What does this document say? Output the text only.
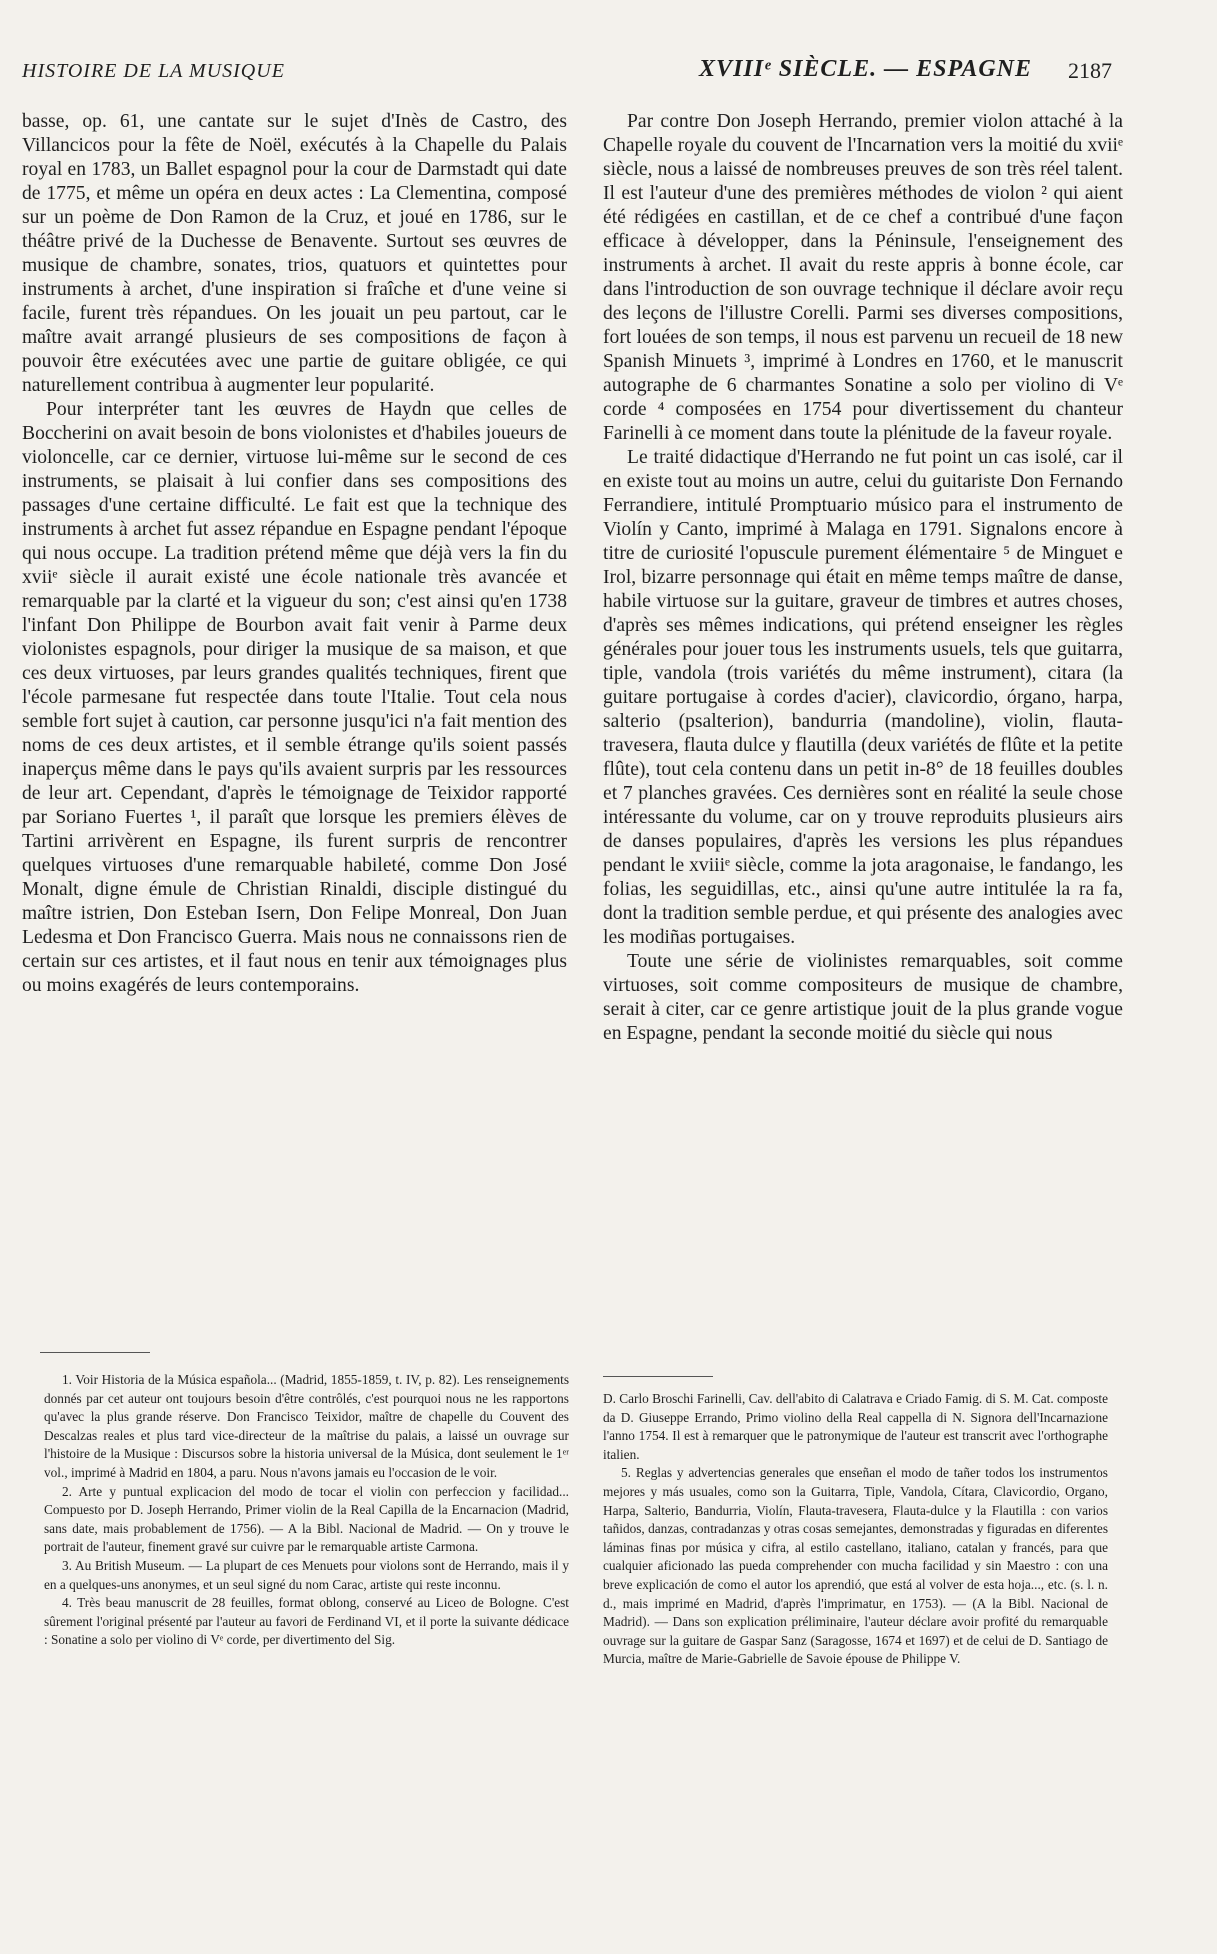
HISTOIRE DE LA MUSIQUE	XVIIIᵉ SIÈCLE. — ESPAGNE 2187

basse, op. 61, une cantate sur le sujet d'Inès de Castro, des Villancicos pour la fête de Noël, exécutés à la Chapelle du Palais royal en 1783, un Ballet espagnol pour la cour de Darmstadt qui date de 1775, et même un opéra en deux actes : La Clementina, composé sur un poème de Don Ramon de la Cruz, et joué en 1786, sur le théâtre privé de la Duchesse de Benavente. Surtout ses œuvres de musique de chambre, sonates, trios, quatuors et quintettes pour instruments à archet, d'une inspiration si fraîche et d'une veine si facile, furent très répandues. On les jouait un peu partout, car le maître avait arrangé plusieurs de ses compositions de façon à pouvoir être exécutées avec une partie de guitare obligée, ce qui naturellement contribua à augmenter leur popularité.

Pour interpréter tant les œuvres de Haydn que celles de Boccherini on avait besoin de bons violonistes et d'habiles joueurs de violoncelle, car ce dernier, virtuose lui-même sur le second de ces instruments, se plaisait à lui confier dans ses compositions des passages d'une certaine difficulté. Le fait est que la technique des instruments à archet fut assez répandue en Espagne pendant l'époque qui nous occupe. La tradition prétend même que déjà vers la fin du xviiᵉ siècle il aurait existé une école nationale très avancée et remarquable par la clarté et la vigueur du son; c'est ainsi qu'en 1738 l'infant Don Philippe de Bourbon avait fait venir à Parme deux violonistes espagnols, pour diriger la musique de sa maison, et que ces deux virtuoses, par leurs grandes qualités techniques, firent que l'école parmesane fut respectée dans toute l'Italie. Tout cela nous semble fort sujet à caution, car personne jusqu'ici n'a fait mention des noms de ces deux artistes, et il semble étrange qu'ils soient passés inaperçus même dans le pays qu'ils avaient surpris par les ressources de leur art. Cependant, d'après le témoignage de Teixidor rapporté par Soriano Fuertes ¹, il paraît que lorsque les premiers élèves de Tartini arrivèrent en Espagne, ils furent surpris de rencontrer quelques virtuoses d'une remarquable habileté, comme Don José Monalt, digne émule de Christian Rinaldi, disciple distingué du maître istrien, Don Esteban Isern, Don Felipe Monreal, Don Juan Ledesma et Don Francisco Guerra. Mais nous ne connaissons rien de certain sur ces artistes, et il faut nous en tenir aux témoignages plus ou moins exagérés de leurs contemporains.

Par contre Don Joseph Herrando, premier violon attaché à la Chapelle royale du couvent de l'Incarnation vers la moitié du xviiᵉ siècle, nous a laissé de nombreuses preuves de son très réel talent. Il est l'auteur d'une des premières méthodes de violon ² qui aient été rédigées en castillan, et de ce chef a contribué d'une façon efficace à développer, dans la Péninsule, l'enseignement des instruments à archet. Il avait du reste appris à bonne école, car dans l'introduction de son ouvrage technique il déclare avoir reçu des leçons de l'illustre Corelli. Parmi ses diverses compositions, fort louées de son temps, il nous est parvenu un recueil de 18 new Spanish Minuets ³, imprimé à Londres en 1760, et le manuscrit autographe de 6 charmantes Sonatine a solo per violino di Vᵉ corde ⁴ composées en 1754 pour divertissement du chanteur Farinelli à ce moment dans toute la plénitude de la faveur royale.

Le traité didactique d'Herrando ne fut point un cas isolé, car il en existe tout au moins un autre, celui du guitariste Don Fernando Ferrandiere, intitulé Promptuario músico para el instrumento de Violín y Canto, imprimé à Malaga en 1791. Signalons encore à titre de curiosité l'opuscule purement élémentaire ⁵ de Minguet e Irol, bizarre personnage qui était en même temps maître de danse, habile virtuose sur la guitare, graveur de timbres et autres choses, d'après ses mêmes indications, qui prétend enseigner les règles générales pour jouer tous les instruments usuels, tels que guitarra, tiple, vandola (trois variétés du même instrument), citara (la guitare portugaise à cordes d'acier), clavicordio, órgano, harpa, salterio (psalterion), bandurria (mandoline), violin, flauta-travesera, flauta dulce y flautilla (deux variétés de flûte et la petite flûte), tout cela contenu dans un petit in-8° de 18 feuilles doubles et 7 planches gravées. Ces dernières sont en réalité la seule chose intéressante du volume, car on y trouve reproduits plusieurs airs de danses populaires, d'après les versions les plus répandues pendant le xviiiᵉ siècle, comme la jota aragonaise, le fandango, les folias, les seguidillas, etc., ainsi qu'une autre intitulée la ra fa, dont la tradition semble perdue, et qui présente des analogies avec les modiñas portugaises.

Toute une série de violinistes remarquables, soit comme virtuoses, soit comme compositeurs de musique de chambre, serait à citer, car ce genre artistique jouit de la plus grande vogue en Espagne, pendant la seconde moitié du siècle qui nous

1. Voir Historia de la Música española... (Madrid, 1855-1859, t. IV, p. 82). Les renseignements donnés par cet auteur ont toujours besoin d'être contrôlés, c'est pourquoi nous ne les rapportons qu'avec la plus grande réserve. Don Francisco Teixidor, maître de chapelle du Couvent des Descalzas reales et plus tard vice-directeur de la maîtrise du palais, a laissé un ouvrage sur l'histoire de la Musique : Discursos sobre la historia universal de la Música, dont seulement le 1ᵉʳ vol., imprimé à Madrid en 1804, a paru. Nous n'avons jamais eu l'occasion de le voir.

2. Arte y puntual explicacion del modo de tocar el violin con perfeccion y facilidad... Compuesto por D. Joseph Herrando, Primer violin de la Real Capilla de la Encarnacion (Madrid, sans date, mais probablement de 1756). — A la Bibl. Nacional de Madrid. — On y trouve le portrait de l'auteur, finement gravé sur cuivre par le remarquable artiste Carmona.

3. Au British Museum. — La plupart de ces Menuets pour violons sont de Herrando, mais il y en a quelques-uns anonymes, et un seul signé du nom Carac, artiste qui reste inconnu.

4. Très beau manuscrit de 28 feuilles, format oblong, conservé au Liceo de Bologne. C'est sûrement l'original présenté par l'auteur au favori de Ferdinand VI, et il porte la suivante dédicace : Sonatine a solo per violino di Vᵉ corde, per divertimento del Sig.

D. Carlo Broschi Farinelli, Cav. dell'abito di Calatrava e Criado Famig. di S. M. Cat. composte da D. Giuseppe Errando, Primo violino della Real cappella di N. Signora dell'Incarnazione l'anno 1754. Il est à remarquer que le patronymique de l'auteur est transcrit avec l'orthographe italien.

5. Reglas y advertencias generales que enseñan el modo de tañer todos los instrumentos mejores y más usuales, como son la Guitarra, Tiple, Vandola, Cítara, Clavicordio, Organo, Harpa, Salterio, Bandurria, Violín, Flauta-travesera, Flauta-dulce y la Flautilla : con varios tañidos, danzas, contradanzas y otras cosas semejantes, demonstradas y figuradas en diferentes láminas finas por música y cifra, al estilo castellano, italiano, catalan y francés, para que cualquier aficionado las pueda comprehender con mucha facilidad y sin Maestro : con una breve explicación de como el autor los aprendió, que está al volver de esta hoja..., etc. (s. l. n. d., mais imprimé en Madrid, d'après l'imprimatur, en 1753). — (A la Bibl. Nacional de Madrid). — Dans son explication préliminaire, l'auteur déclare avoir profité du remarquable ouvrage sur la guitare de Gaspar Sanz (Saragosse, 1674 et 1697) et de celui de D. Santiago de Murcia, maître de Marie-Gabrielle de Savoie épouse de Philippe V.
